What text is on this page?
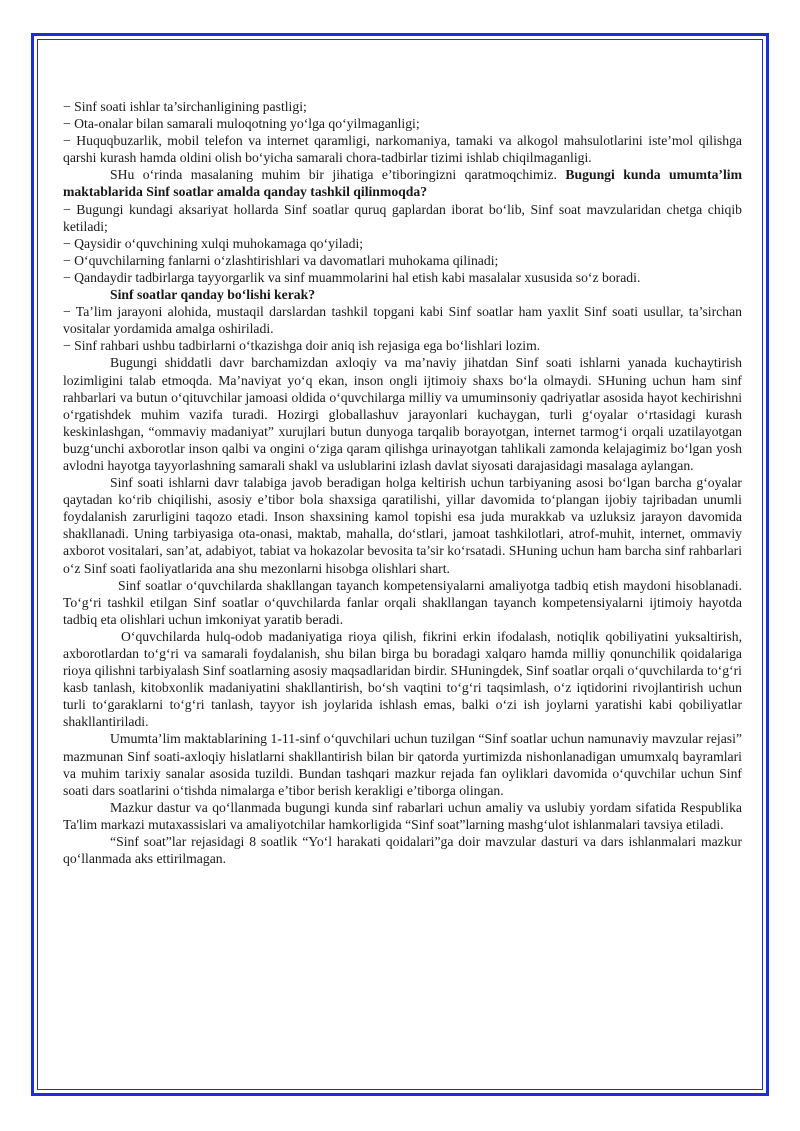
− Sinf soati ishlar ta’sirchanligining pastligi;

− Ota-onalar bilan samarali muloqotning yo‘lga qo‘yilmaganligi;

− Huquqbuzarlik, mobil telefon va internet qaramligi, narkomaniya, tamaki va alkogol mahsulotlarini iste’mol qilishga qarshi kurash hamda oldini olish bo‘yicha samarali chora-tadbirlar tizimi ishlab chiqilmaganligi.

SHu o‘rinda masalaning muhim bir jihatiga e’tiboringizni qaratmoqchimiz. Bugungi kunda umumta’lim maktablarida Sinf soatlar amalda qanday tashkil qilinmoqda?

− Bugungi kundagi aksariyat hollarda Sinf soatlar quruq gaplardan iborat bo‘lib, Sinf soat mavzularidan chetga chiqib ketiladi;

− Qaysidir o‘quvchining xulqi muhokamaga qo‘yiladi;

− O‘quvchilarning fanlarni o‘zlashtirishlari va davomatlari muhokama qilinadi;

− Qandaydir tadbirlarga tayyorgarlik va sinf muammolarini hal etish kabi masalalar xususida so‘z boradi.

Sinf soatlar qanday bo‘lishi kerak?

− Ta’lim jarayoni alohida, mustaqil darslardan tashkil topgani kabi Sinf soatlar ham yaxlit Sinf soati usullar, ta’sirchan vositalar yordamida amalga oshiriladi.

− Sinf rahbari ushbu tadbirlarni o‘tkazishga doir aniq ish rejasiga ega bo‘lishlari lozim.

Bugungi shiddatli davr barchamizdan axloqiy va ma’naviy jihatdan Sinf soati ishlarni yanada kuchaytirish lozimligini talab etmoqda. Ma’naviyat yo‘q ekan, inson ongli ijtimoiy shaxs bo‘la olmaydi. SHuning uchun ham sinf rahbarlari va butun o‘qituvchilar jamoasi oldida o‘quvchilarga milliy va umuminsoniy qadriyatlar asosida hayot kechirishni o‘rgatishdek muhim vazifa turadi. Hozirgi globallashuv jarayonlari kuchaygan, turli g‘oyalar o‘rtasidagi kurash keskinlashgan, “ommaviy madaniyat” xurujlari butun dunyoga tarqalib borayotgan, internet tarmog‘i orqali uzatilayotgan buzg‘unchi axborotlar inson qalbi va ongini o‘ziga qaram qilishga urinayotgan tahlikali zamonda kelajagimiz bo‘lgan yosh avlodni hayotga tayyorlashning samarali shakl va uslublarini izlash davlat siyosati darajasidagi masalaga aylangan.

Sinf soati ishlarni davr talabiga javob beradigan holga keltirish uchun tarbiyaning asosi bo‘lgan barcha g‘oyalar qaytadan ko‘rib chiqilishi, asosiy e’tibor bola shaxsiga qaratilishi, yillar davomida to‘plangan ijobiy tajribadan unumli foydalanish zarurligini taqozo etadi. Inson shaxsining kamol topishi esa juda murakkab va uzluksiz jarayon davomida shakllanadi. Uning tarbiyasiga ota-onasi, maktab, mahalla, do‘stlari, jamoat tashkilotlari, atrof-muhit, internet, ommaviy axborot vositalari, san’at, adabiyot, tabiat va hokazolar bevosita ta’sir ko‘rsatadi. SHuning uchun ham barcha sinf rahbarlari o‘z Sinf soati faoliyatlarida ana shu mezonlarni hisobga olishlari shart.

Sinf soatlar o‘quvchilarda shakllangan tayanch kompetensiyalarni amaliyotga tadbiq etish maydoni hisoblanadi. To‘g‘ri tashkil etilgan Sinf soatlar o‘quvchilarda fanlar orqali shakllangan tayanch kompetensiyalarni ijtimoiy hayotda tadbiq eta olishlari uchun imkoniyat yaratib beradi.

O‘quvchilarda hulq-odob madaniyatiga rioya qilish, fikrini erkin ifodalash, notiqlik qobiliyatini yuksaltirish, axborotlardan to‘g‘ri va samarali foydalanish, shu bilan birga bu boradagi xalqaro hamda milliy qonunchilik qoidalariga rioya qilishni tarbiyalash Sinf soatlarning asosiy maqsadlaridan birdir. SHuningdek, Sinf soatlar orqali o‘quvchilarda to‘g‘ri kasb tanlash, kitobxonlik madaniyatini shakllantirish, bo‘sh vaqtini to‘g‘ri taqsimlash, o‘z iqtidorini rivojlantirish uchun turli to‘garaklarni to‘g‘ri tanlash, tayyor ish joylarida ishlash emas, balki o‘zi ish joylarni yaratishi kabi qobiliyatlar shakllantiriladi.

Umumta’lim maktablarining 1-11-sinf o‘quvchilari uchun tuzilgan “Sinf soatlar uchun namunaviy mavzular rejasi” mazmunan Sinf soati-axloqiy hislatlarni shakllantirish bilan bir qatorda yurtimizda nishonlanadigan umumxalq bayramlari va muhim tarixiy sanalar asosida tuzildi. Bundan tashqari mazkur rejada fan oyliklari davomida o‘quvchilar uchun Sinf soati dars soatlarini o‘tishda nimalarga e’tibor berish kerakligi e’tiborga olingan.

Mazkur dastur va qo‘llanmada bugungi kunda sinf rabarlari uchun amaliy va uslubiy yordam sifatida Respublika Ta'lim markazi mutaxassislari va amaliyotchilar hamkorligida “Sinf soat”larning mashg‘ulot ishlanmalari tavsiya etiladi.

“Sinf soat”lar rejasidagi 8 soatlik “Yo‘l harakati qoidalari”ga doir mavzular dasturi va dars ishlanmalari mazkur qo‘llanmada aks ettirilmagan.
